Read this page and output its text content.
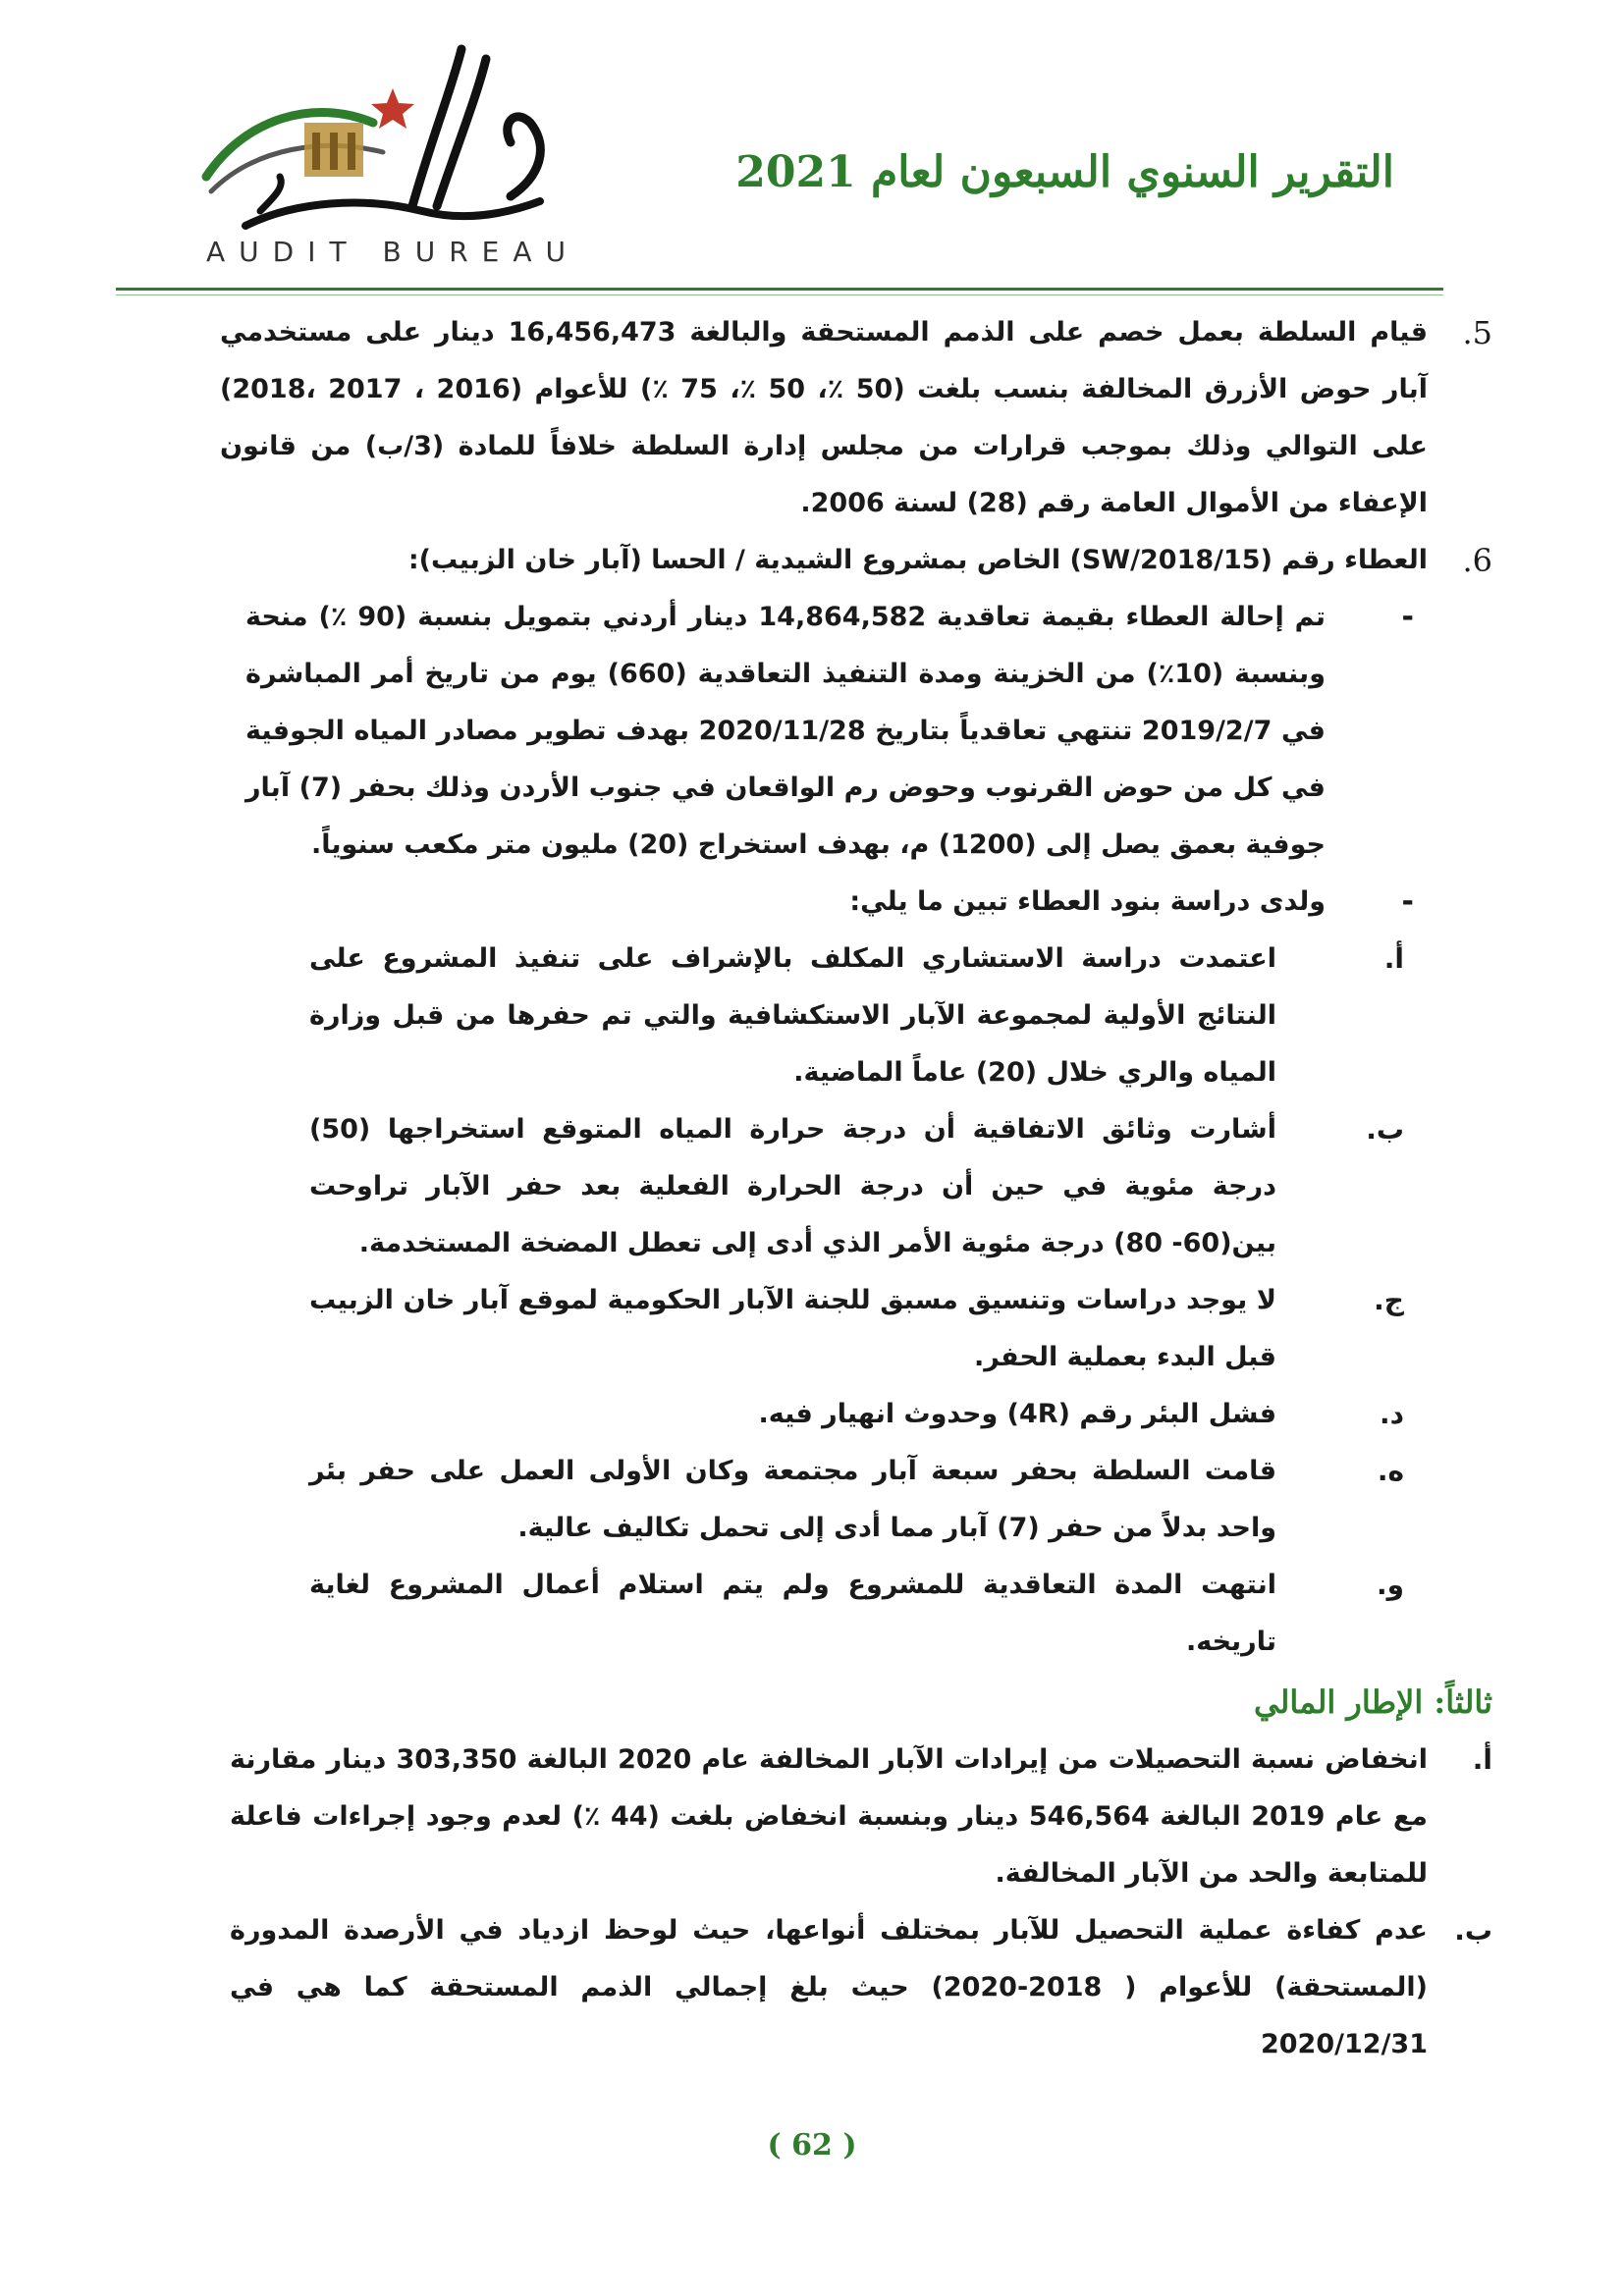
AUDIT BUREAU
التقرير السنوي السبعون لعام 2021
5.
قيام السلطة بعمل خصم على الذمم المستحقة والبالغة 16,456,473 دينار على مستخدمي آبار حوض الأزرق المخالفة بنسب بلغت (50 ٪، 50 ٪، 75 ٪) للأعوام (2016 ، 2017 ،2018) على التوالي وذلك بموجب قرارات من مجلس إدارة السلطة خلافاً للمادة (3/ب) من قانون الإعفاء من الأموال العامة رقم (28) لسنة 2006.
6.
العطاء رقم (SW/2018/15) الخاص بمشروع الشيدية / الحسا (آبار خان الزبيب):
-
تم إحالة العطاء بقيمة تعاقدية 14,864,582 دينار أردني بتمويل بنسبة (90 ٪) منحة وبنسبة (10٪) من الخزينة ومدة التنفيذ التعاقدية (660) يوم من تاريخ أمر المباشرة في 2019/2/7 تنتهي تعاقدياً بتاريخ 2020/11/28 بهدف تطوير مصادر المياه الجوفية في كل من حوض القرنوب وحوض رم الواقعان في جنوب الأردن وذلك بحفر (7) آبار جوفية بعمق يصل إلى (1200) م، بهدف استخراج (20) مليون متر مكعب سنوياً.
-
ولدى دراسة بنود العطاء تبين ما يلي:
أ.
اعتمدت دراسة الاستشاري المكلف بالإشراف على تنفيذ المشروع على النتائج الأولية لمجموعة الآبار الاستكشافية والتي تم حفرها من قبل وزارة المياه والري خلال (20) عاماً الماضية.
ب.
أشارت وثائق الاتفاقية أن درجة حرارة المياه المتوقع استخراجها (50) درجة مئوية في حين أن درجة الحرارة الفعلية بعد حفر الآبار تراوحت بين(60- 80) درجة مئوية الأمر الذي أدى إلى تعطل المضخة المستخدمة.
ج.
لا يوجد دراسات وتنسيق مسبق للجنة الآبار الحكومية لموقع آبار خان الزبيب قبل البدء بعملية الحفر.
د.
فشل البئر رقم (4R) وحدوث انهيار فيه.
ه.
قامت السلطة بحفر سبعة آبار مجتمعة وكان الأولى العمل على حفر بئر واحد بدلاً من حفر (7) آبار مما أدى إلى تحمل تكاليف عالية.
و.
انتهت المدة التعاقدية للمشروع ولم يتم استلام أعمال المشروع لغاية تاريخه.
ثالثاً: الإطار المالي
أ.
انخفاض نسبة التحصيلات من إيرادات الآبار المخالفة عام 2020 البالغة 303,350 دينار مقارنة مع عام 2019 البالغة 546,564 دينار وبنسبة انخفاض بلغت (44 ٪) لعدم وجود إجراءات فاعلة للمتابعة والحد من الآبار المخالفة.
ب.
عدم كفاءة عملية التحصيل للآبار بمختلف أنواعها، حيث لوحظ ازدياد في الأرصدة المدورة (المستحقة) للأعوام ( 2018-2020) حيث بلغ إجمالي الذمم المستحقة كما هي في 2020/12/31
( 62 )
